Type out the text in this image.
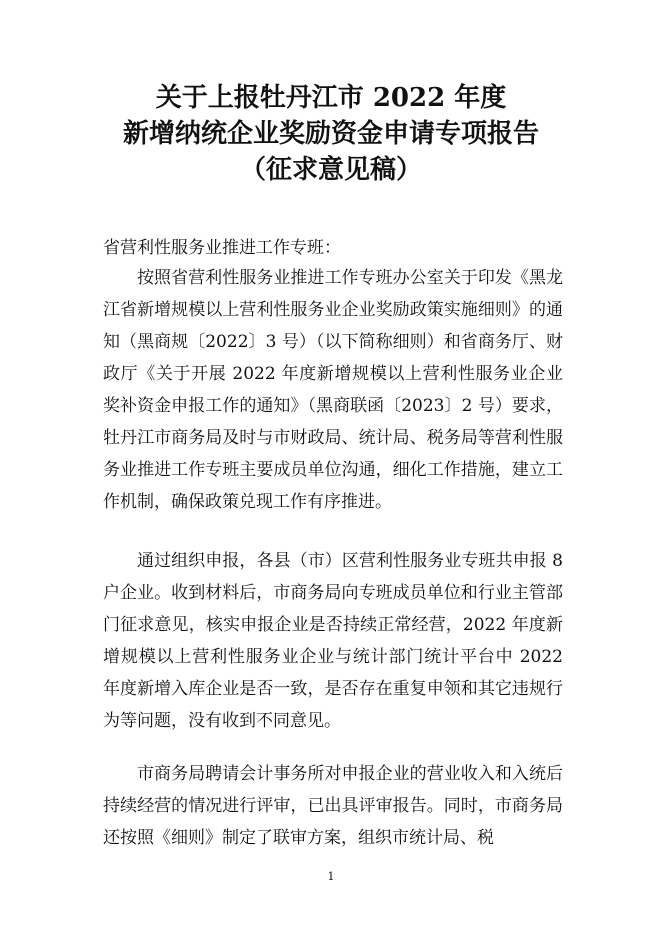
关于上报牡丹江市 2022 年度
新增纳统企业奖励资金申请专项报告
（征求意见稿）
省营利性服务业推进工作专班：

按照省营利性服务业推进工作专班办公室关于印发《黑龙江省新增规模以上营利性服务业企业奖励政策实施细则》的通知（黑商规〔2022〕3 号）（以下简称细则）和省商务厅、财政厅《关于开展 2022 年度新增规模以上营利性服务业企业奖补资金申报工作的通知》（黑商联函〔2023〕2 号）要求，牡丹江市商务局及时与市财政局、统计局、税务局等营利性服务业推进工作专班主要成员单位沟通，细化工作措施，建立工作机制，确保政策兑现工作有序推进。

通过组织申报，各县（市）区营利性服务业专班共申报 8 户企业。收到材料后，市商务局向专班成员单位和行业主管部门征求意见，核实申报企业是否持续正常经营，2022 年度新增规模以上营利性服务业企业与统计部门统计平台中 2022 年度新增入库企业是否一致，是否存在重复申领和其它违规行为等问题，没有收到不同意见。

市商务局聘请会计事务所对申报企业的营业收入和入统后持续经营的情况进行评审，已出具评审报告。同时，市商务局还按照《细则》制定了联审方案，组织市统计局、税

1
